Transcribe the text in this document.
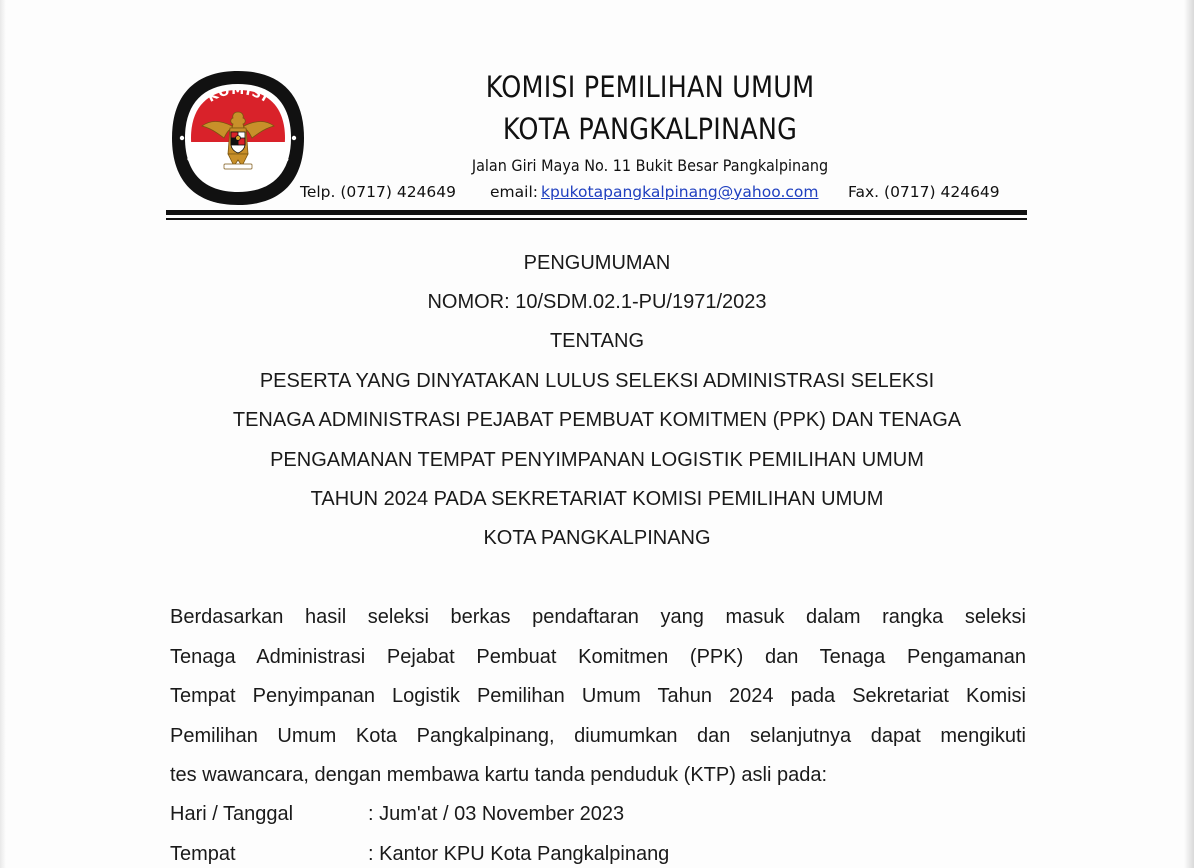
KOMISI
PEMILIHAN UMUM
KOMISI PEMILIHAN UMUM
KOTA PANGKALPINANG
Jalan Giri Maya No. 11 Bukit Besar Pangkalpinang
Telp. (0717) 424649 email: kpukotapangkalpinang@yahoo.com Fax. (0717) 424649
PENGUMUMAN
NOMOR: 10/SDM.02.1-PU/1971/2023
TENTANG
PESERTA YANG DINYATAKAN LULUS SELEKSI ADMINISTRASI SELEKSI
TENAGA ADMINISTRASI PEJABAT PEMBUAT KOMITMEN (PPK) DAN TENAGA
PENGAMANAN TEMPAT PENYIMPANAN LOGISTIK PEMILIHAN UMUM
TAHUN 2024 PADA SEKRETARIAT KOMISI PEMILIHAN UMUM
KOTA PANGKALPINANG
Berdasarkan hasil seleksi berkas pendaftaran yang masuk dalam rangka seleksi
Tenaga Administrasi Pejabat Pembuat Komitmen (PPK) dan Tenaga Pengamanan
Tempat Penyimpanan Logistik Pemilihan Umum Tahun 2024 pada Sekretariat Komisi
Pemilihan Umum Kota Pangkalpinang, diumumkan dan selanjutnya dapat mengikuti
tes wawancara, dengan membawa kartu tanda penduduk (KTP) asli pada:
Hari / Tanggal	: Jum'at / 03 November 2023
Tempat	: Kantor KPU Kota Pangkalpinang
